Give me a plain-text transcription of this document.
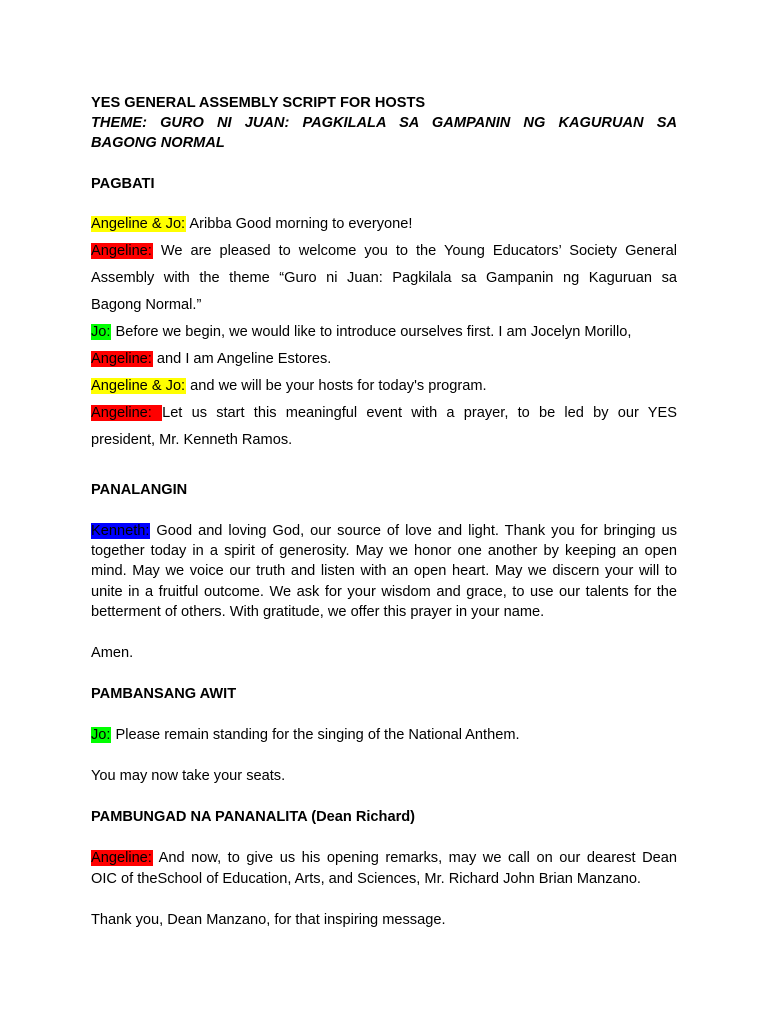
YES GENERAL ASSEMBLY SCRIPT FOR HOSTS

THEME: GURO NI JUAN: PAGKILALA SA GAMPANIN NG KAGURUAN SA
BAGONG NORMAL

PAGBATI

Angeline & Jo: Aribba Good morning to everyone!

Angeline: We are pleased to welcome you to the Young Educators’ Society General
Assembly with the theme “Guro ni Juan: Pagkilala sa Gampanin ng Kaguruan sa
Bagong Normal.”

Jo: Before we begin, we would like to introduce ourselves first. I am Jocelyn Morillo,

Angeline: and I am Angeline Estores.

Angeline & Jo: and we will be your hosts for today's program.

Angeline: Let us start this meaningful event with a prayer, to be led by our YES
president, Mr. Kenneth Ramos.

PANALANGIN

Kenneth: Good and loving God, our source of love and light. Thank you for bringing us
together today in a spirit of generosity. May we honor one another by keeping an open
mind. May we voice our truth and listen with an open heart. May we discern your will to
unite in a fruitful outcome. We ask for your wisdom and grace, to use our talents for the
betterment of others. With gratitude, we offer this prayer in your name.

Amen.

PAMBANSANG AWIT

Jo: Please remain standing for the singing of the National Anthem.

You may now take your seats.

PAMBUNGAD NA PANANALITA (Dean Richard)

Angeline: And now, to give us his opening remarks, may we call on our dearest Dean
OIC of theSchool of Education, Arts, and Sciences, Mr. Richard John Brian Manzano.

Thank you, Dean Manzano, for that inspiring message.
